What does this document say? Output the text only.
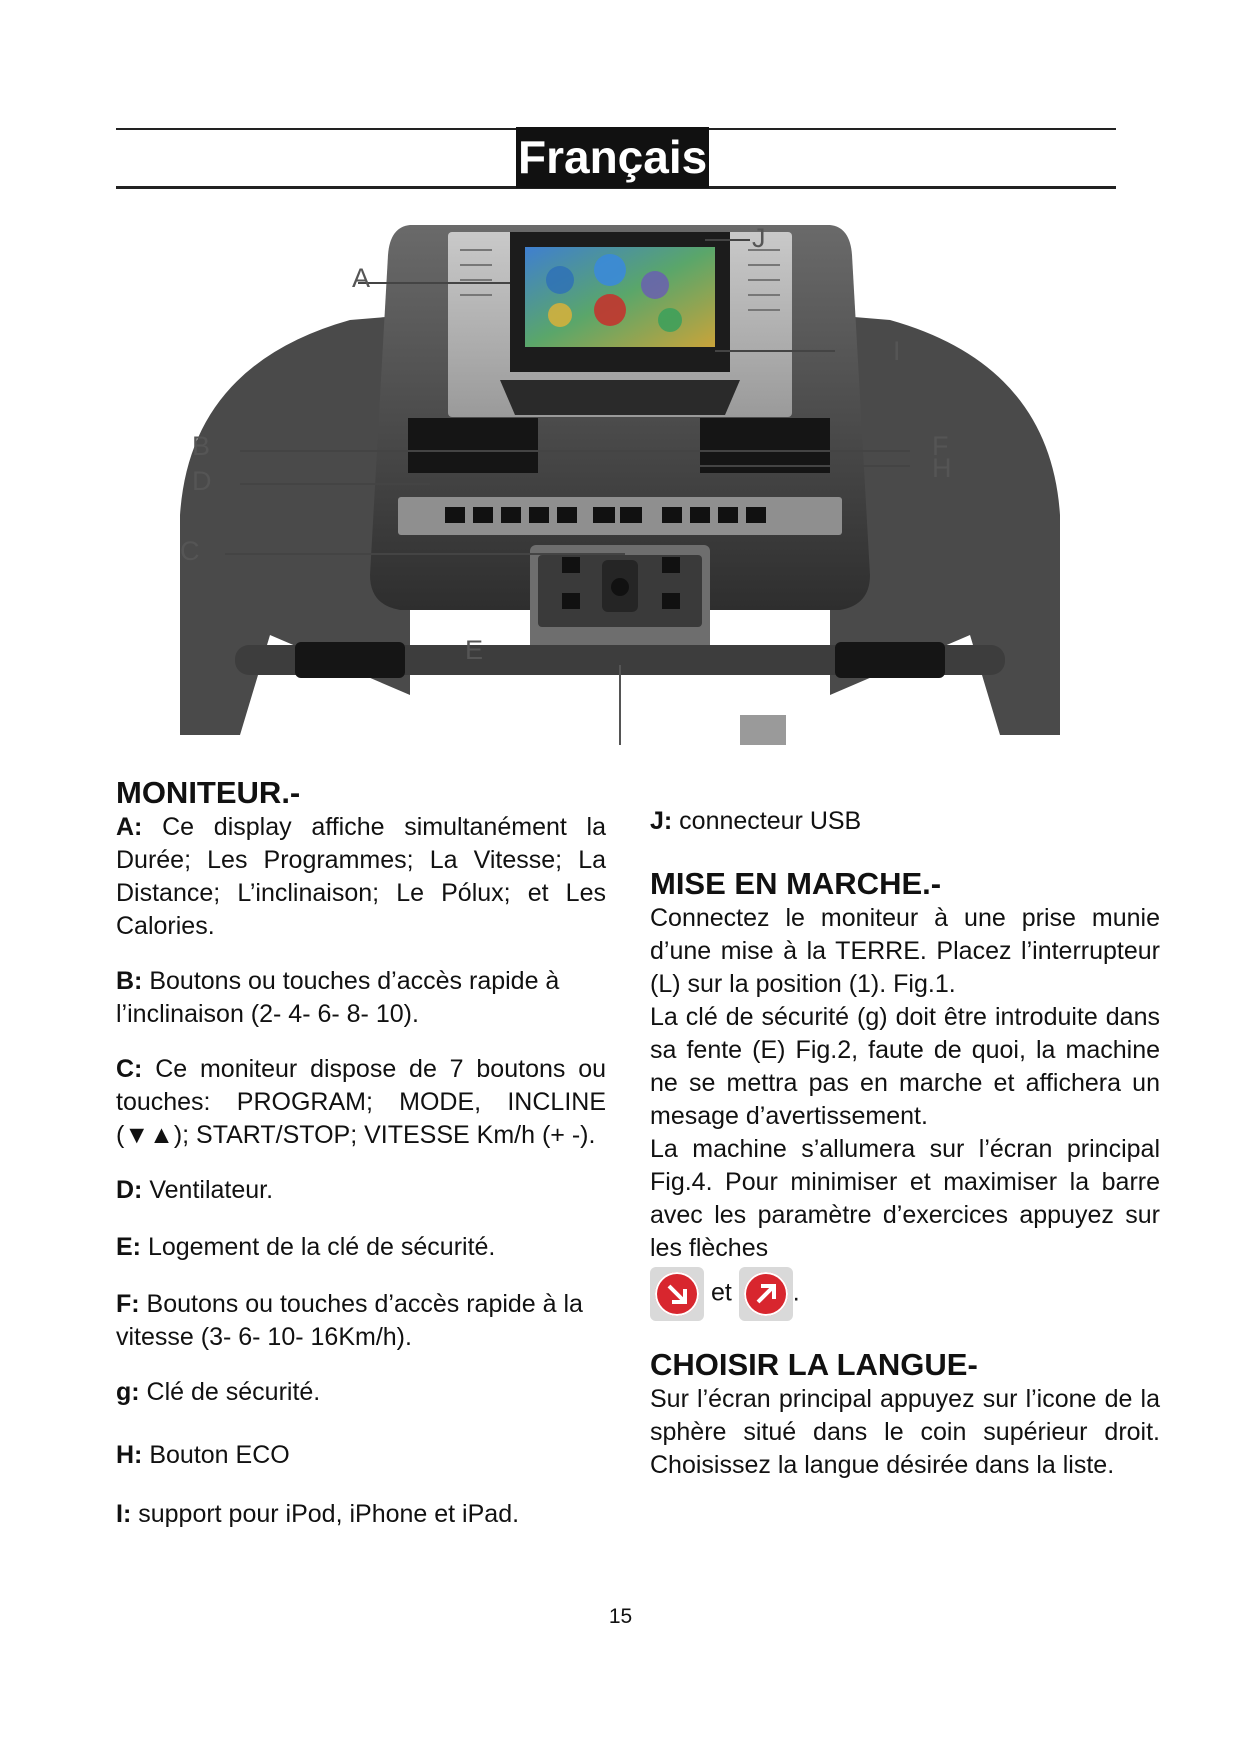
Français
A
B
C
D
E
F
H
I
J
MONITEUR.-

A: Ce display affiche simultanément la Durée; Les Programmes; La Vitesse; La Distance; L’inclinaison; Le Pólux; et Les Calories.

B: Boutons ou touches d’accès rapide à l’inclinaison (2- 4- 6- 8- 10).

C: Ce moniteur dispose de 7 boutons ou touches: PROGRAM; MODE, INCLINE (▼▲); START/STOP; VITESSE Km/h (+ -).

D: Ventilateur.

E: Logement de la clé de sécurité.

F: Boutons ou touches d’accès rapide à la vitesse (3- 6- 10- 16Km/h).

g: Clé de sécurité.

H: Bouton ECO

I: support pour iPod, iPhone et iPad.

J: connecteur USB

MISE EN MARCHE.-

Connectez le moniteur à une prise munie d’une mise à la TERRE. Placez l’interrupteur (L) sur la position (1). Fig.1.

La clé de sécurité (g) doit être introduite dans sa fente (E) Fig.2, faute de quoi, la machine ne se mettra pas en marche et affichera un mesage d’avertissement.

La machine s’allumera sur l’écran principal Fig.4. Pour minimiser et maximiser la barre avec les paramètre d’exercices appuyez sur les flèches

et .

CHOISIR LA LANGUE-

Sur l’écran principal appuyez sur l’icone de la sphère situé dans le coin supérieur droit. Choisissez la langue désirée dans la liste.

15
